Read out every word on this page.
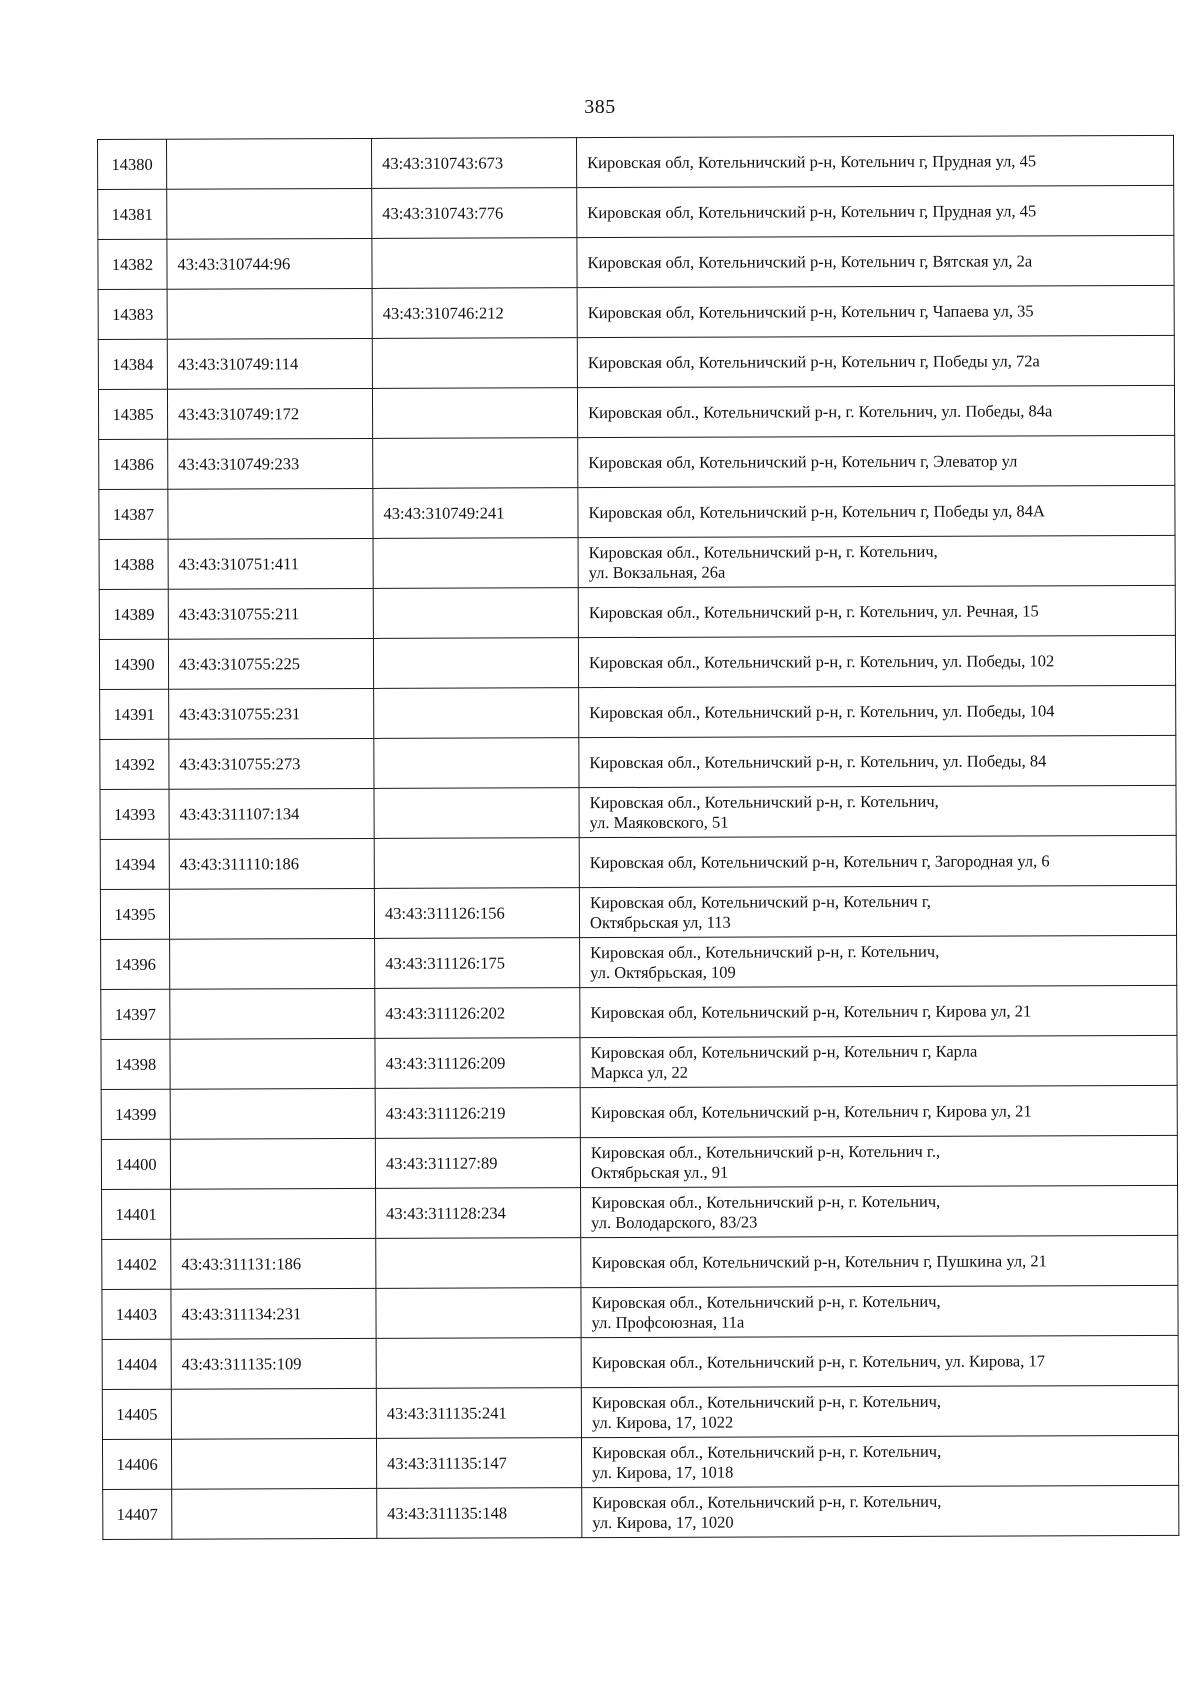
385
14380		43:43:310743:673	Кировская обл, Котельничский р-н, Котельнич г, Прудная ул, 45
14381		43:43:310743:776	Кировская обл, Котельничский р-н, Котельнич г, Прудная ул, 45
14382	43:43:310744:96		Кировская обл, Котельничский р-н, Котельнич г, Вятская ул, 2а
14383		43:43:310746:212	Кировская обл, Котельничский р-н, Котельнич г, Чапаева ул, 35
14384	43:43:310749:114		Кировская обл, Котельничский р-н, Котельнич г, Победы ул, 72а
14385	43:43:310749:172		Кировская обл., Котельничский р-н, г. Котельнич, ул. Победы, 84а
14386	43:43:310749:233		Кировская обл, Котельничский р-н, Котельнич г, Элеватор ул
14387		43:43:310749:241	Кировская обл, Котельничский р-н, Котельнич г, Победы ул, 84А
14388	43:43:310751:411		Кировская обл., Котельничский р-н, г. Котельнич,
ул. Вокзальная, 26а
14389	43:43:310755:211		Кировская обл., Котельничский р-н, г. Котельнич, ул. Речная, 15
14390	43:43:310755:225		Кировская обл., Котельничский р-н, г. Котельнич, ул. Победы, 102
14391	43:43:310755:231		Кировская обл., Котельничский р-н, г. Котельнич, ул. Победы, 104
14392	43:43:310755:273		Кировская обл., Котельничский р-н, г. Котельнич, ул. Победы, 84
14393	43:43:311107:134		Кировская обл., Котельничский р-н, г. Котельнич,
ул. Маяковского, 51
14394	43:43:311110:186		Кировская обл, Котельничский р-н, Котельнич г, Загородная ул, 6
14395		43:43:311126:156	Кировская обл, Котельничский р-н, Котельнич г,
Октябрьская ул, 113
14396		43:43:311126:175	Кировская обл., Котельничский р-н, г. Котельнич,
ул. Октябрьская, 109
14397		43:43:311126:202	Кировская обл, Котельничский р-н, Котельнич г, Кирова ул, 21
14398		43:43:311126:209	Кировская обл, Котельничский р-н, Котельнич г, Карла
Маркса ул, 22
14399		43:43:311126:219	Кировская обл, Котельничский р-н, Котельнич г, Кирова ул, 21
14400		43:43:311127:89	Кировская обл., Котельничский р-н, Котельнич г.,
Октябрьская ул., 91
14401		43:43:311128:234	Кировская обл., Котельничский р-н, г. Котельнич,
ул. Володарского, 83/23
14402	43:43:311131:186		Кировская обл, Котельничский р-н, Котельнич г, Пушкина ул, 21
14403	43:43:311134:231		Кировская обл., Котельничский р-н, г. Котельнич,
ул. Профсоюзная, 11а
14404	43:43:311135:109		Кировская обл., Котельничский р-н, г. Котельнич, ул. Кирова, 17
14405		43:43:311135:241	Кировская обл., Котельничский р-н, г. Котельнич,
ул. Кирова, 17, 1022
14406		43:43:311135:147	Кировская обл., Котельничский р-н, г. Котельнич,
ул. Кирова, 17, 1018
14407		43:43:311135:148	Кировская обл., Котельничский р-н, г. Котельнич,
ул. Кирова, 17, 1020
